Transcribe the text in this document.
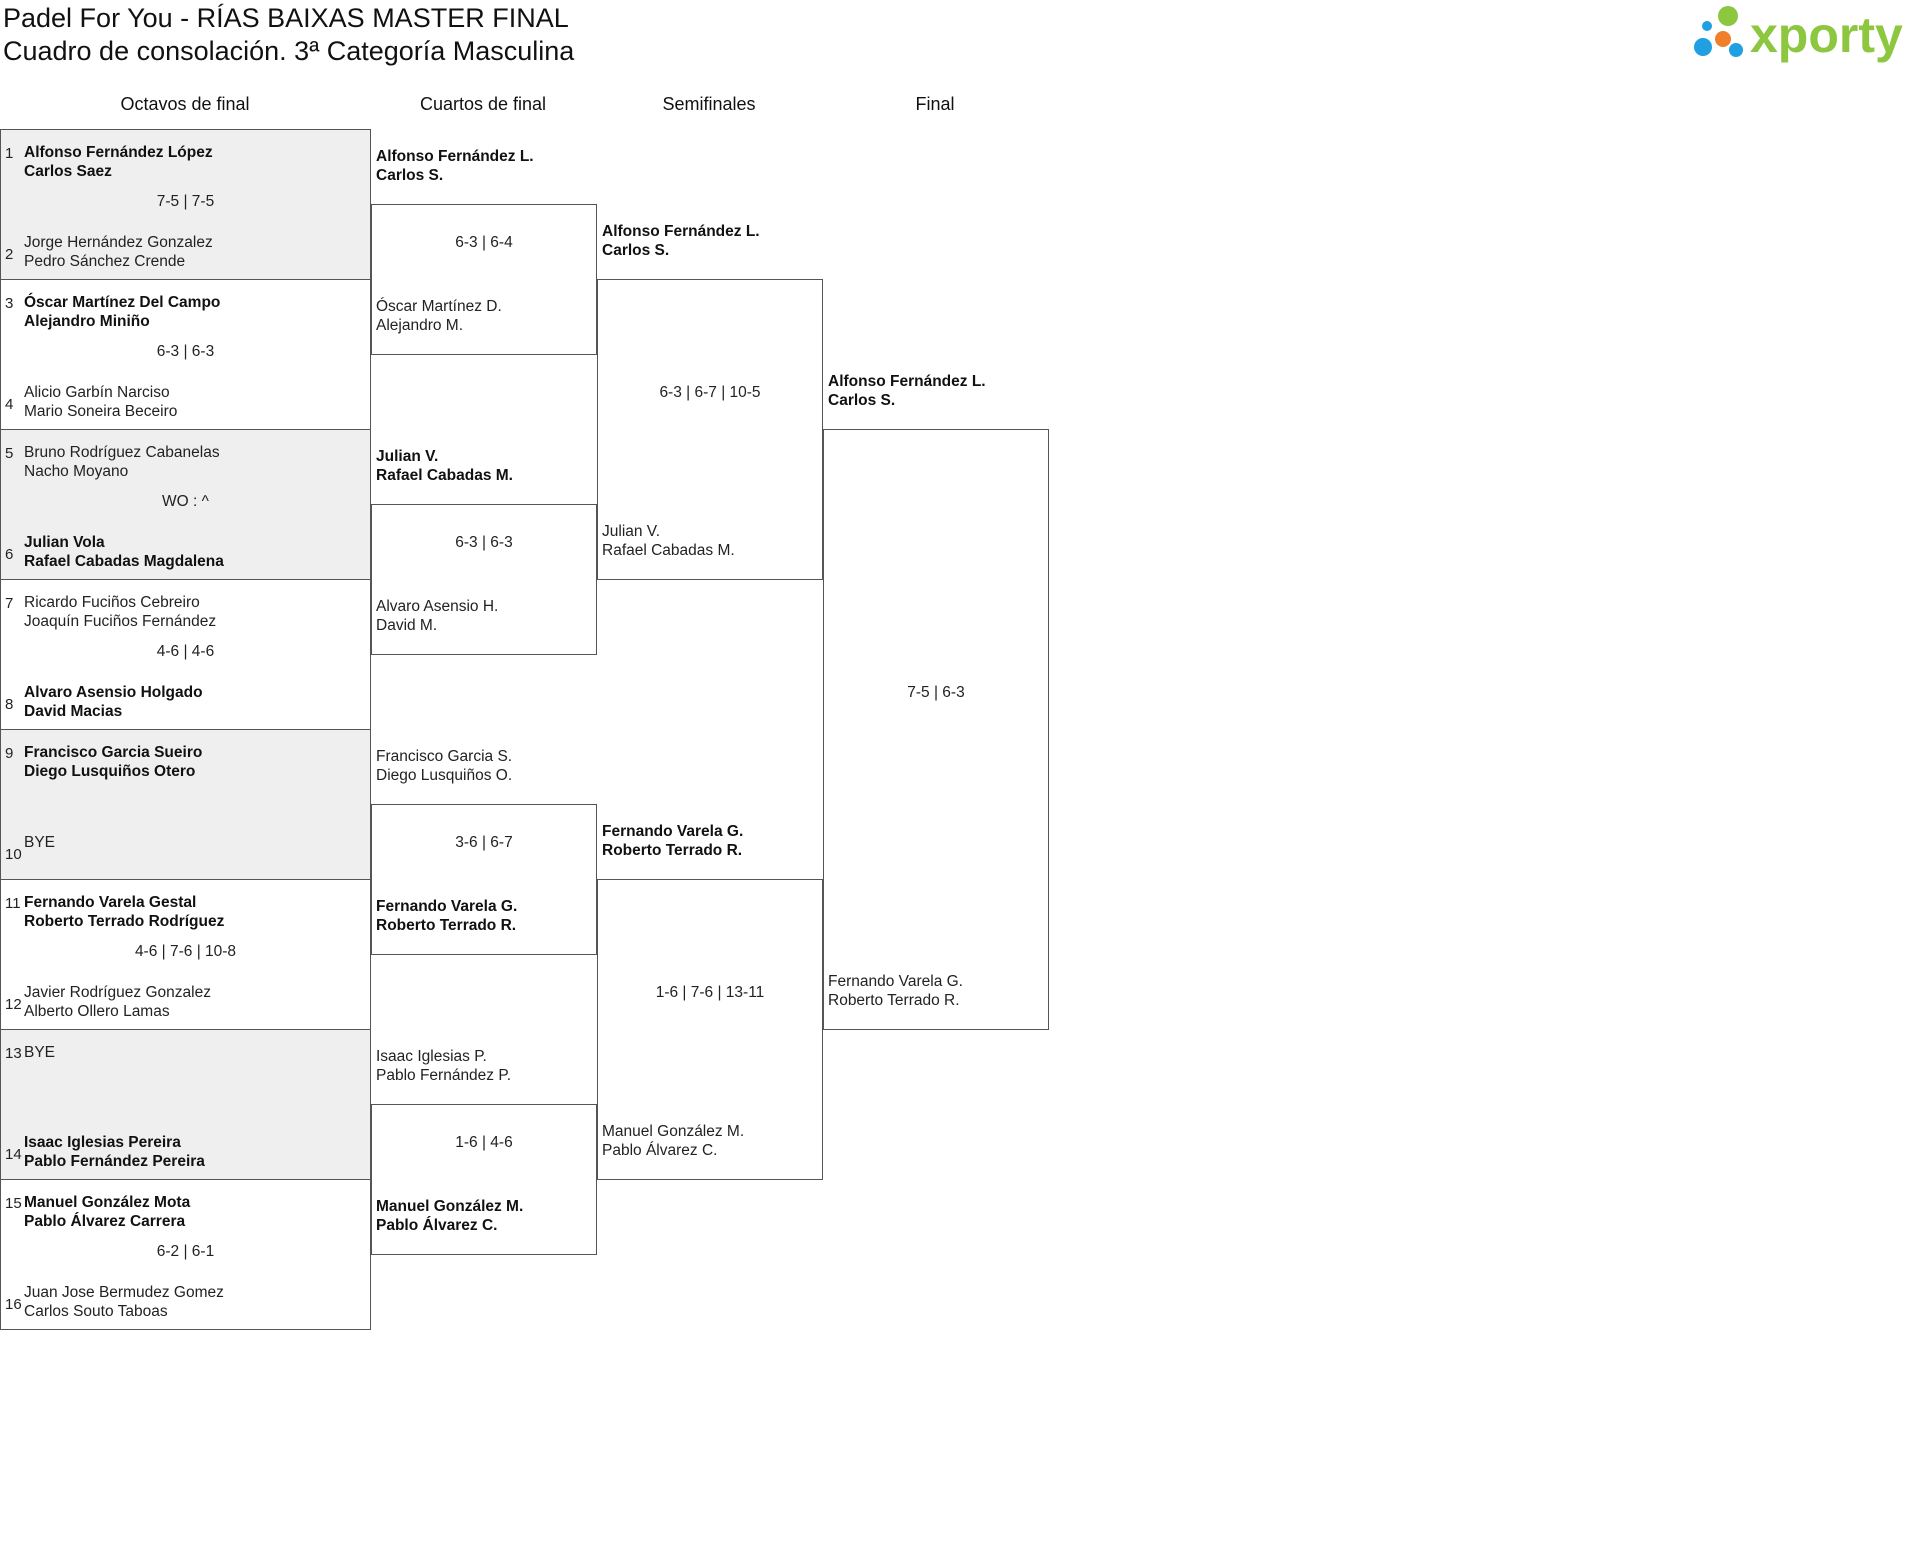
Padel For You - RÍAS BAIXAS MASTER FINAL
Cuadro de consolación. 3ª Categoría Masculina	xporty
Octavos de final	Cuartos de final	Semifinales	Final
1 Alfonso Fernández López
Carlos Saez
7-5 | 7-5
2
Jorge Hernández Gonzalez
Pedro Sánchez Crende
3 Óscar Martínez Del Campo
Alejandro Miniño
6-3 | 6-3
4
Alicio Garbín Narciso
Mario Soneira Beceiro
5 Bruno Rodríguez Cabanelas
Nacho Moyano
WO : ^
6
Julian Vola
Rafael Cabadas Magdalena
7 Ricardo Fuciños Cebreiro
Joaquín Fuciños Fernández
4-6 | 4-6
8
Alvaro Asensio Holgado
David Macias
9 Francisco Garcia Sueiro
Diego Lusquiños Otero
10
BYE
11 Fernando Varela Gestal
Roberto Terrado Rodríguez
4-6 | 7-6 | 10-8
12
Javier Rodríguez Gonzalez
Alberto Ollero Lamas
13 BYE
14
Isaac Iglesias Pereira
Pablo Fernández Pereira
15 Manuel González Mota
Pablo Álvarez Carrera
6-2 | 6-1
16
Juan Jose Bermudez Gomez
Carlos Souto Taboas
Alfonso Fernández L.
Carlos S.
6-3 | 6-4
Óscar Martínez D.
Alejandro M.
Julian V.
Rafael Cabadas M.
6-3 | 6-3
Alvaro Asensio H.
David M.
Francisco Garcia S.
Diego Lusquiños O.
3-6 | 6-7
Fernando Varela G.
Roberto Terrado R.
Isaac Iglesias P.
Pablo Fernández P.
1-6 | 4-6
Manuel González M.
Pablo Álvarez C.
Alfonso Fernández L.
Carlos S.
6-3 | 6-7 | 10-5
Julian V.
Rafael Cabadas M.
Fernando Varela G.
Roberto Terrado R.
1-6 | 7-6 | 13-11
Manuel González M.
Pablo Álvarez C.
Alfonso Fernández L.
Carlos S.
7-5 | 6-3
Fernando Varela G.
Roberto Terrado R.
